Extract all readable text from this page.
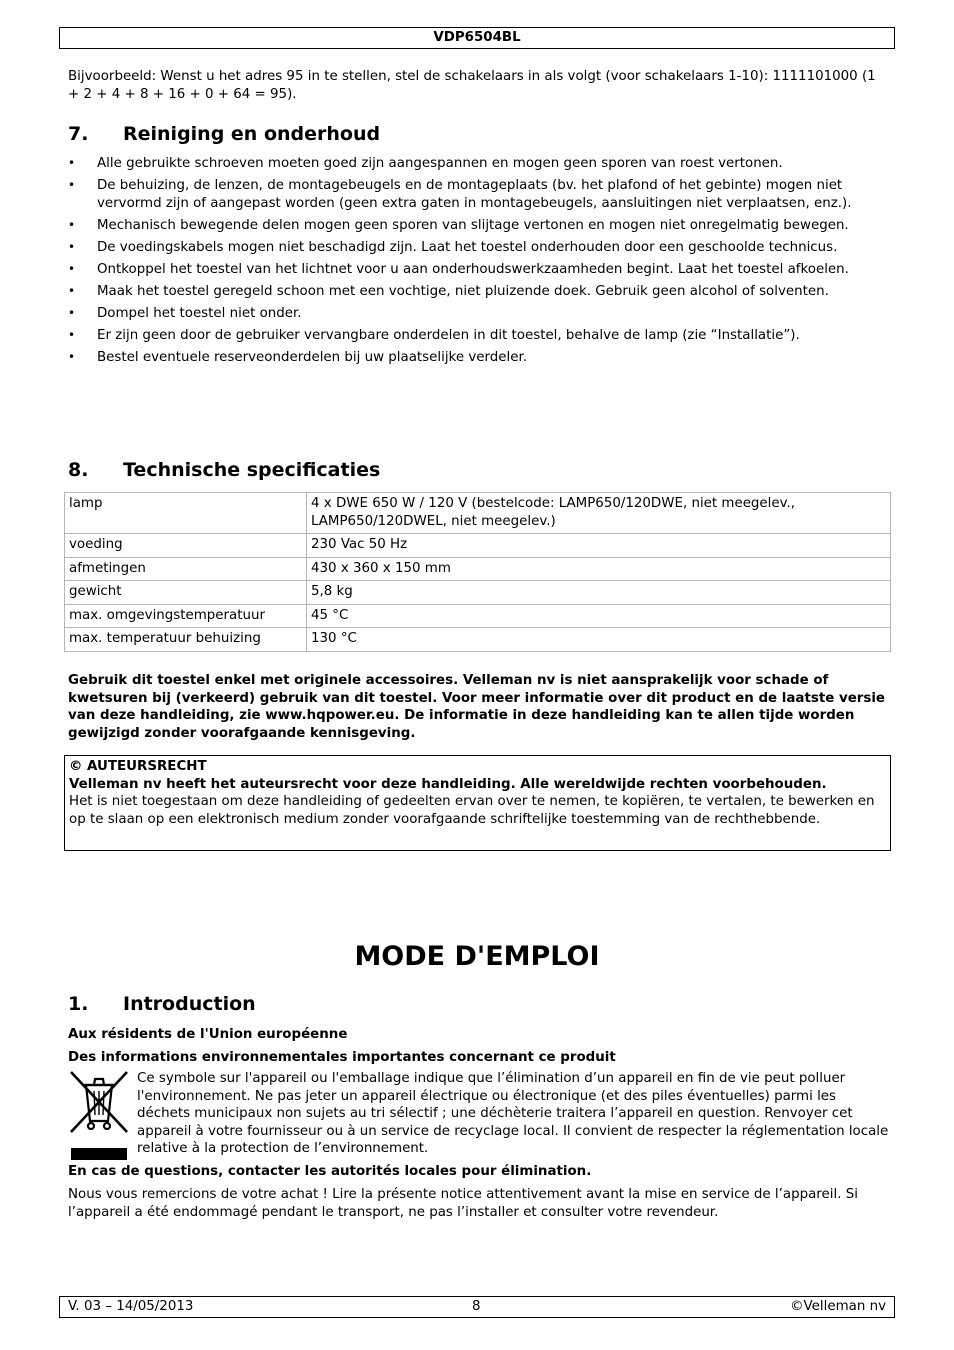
VDP6504BL

Bijvoorbeeld: Wenst u het adres 95 in te stellen, stel de schakelaars in als volgt (voor schakelaars 1-10): 1111101000 (1 + 2 + 4 + 8 + 16 + 0 + 64 = 95).

7. Reiniging en onderhoud
• Alle gebruikte schroeven moeten goed zijn aangespannen en mogen geen sporen van roest vertonen.
• De behuizing, de lenzen, de montagebeugels en de montageplaats (bv. het plafond of het gebinte) mogen niet vervormd zijn of aangepast worden (geen extra gaten in montagebeugels, aansluitingen niet verplaatsen, enz.).
• Mechanisch bewegende delen mogen geen sporen van slijtage vertonen en mogen niet onregelmatig bewegen.
• De voedingskabels mogen niet beschadigd zijn. Laat het toestel onderhouden door een geschoolde technicus.
• Ontkoppel het toestel van het lichtnet voor u aan onderhoudswerkzaamheden begint. Laat het toestel afkoelen.
• Maak het toestel geregeld schoon met een vochtige, niet pluizende doek. Gebruik geen alcohol of solventen.
• Dompel het toestel niet onder.
• Er zijn geen door de gebruiker vervangbare onderdelen in dit toestel, behalve de lamp (zie “Installatie”).
• Bestel eventuele reserveonderdelen bij uw plaatselijke verdeler.
8. Technische specificaties
lamp	4 x DWE 650 W / 120 V (bestelcode: LAMP650/120DWE, niet meegelev., LAMP650/120DWEL, niet meegelev.)
voeding	230 Vac 50 Hz
afmetingen	430 x 360 x 150 mm
gewicht	5,8 kg
max. omgevingstemperatuur	45 °C
max. temperatuur behuizing	130 °C

Gebruik dit toestel enkel met originele accessoires. Velleman nv is niet aansprakelijk voor schade of kwetsuren bij (verkeerd) gebruik van dit toestel. Voor meer informatie over dit product en de laatste versie van deze handleiding, zie www.hqpower.eu. De informatie in deze handleiding kan te allen tijde worden gewijzigd zonder voorafgaande kennisgeving.

© AUTEURSRECHT

Velleman nv heeft het auteursrecht voor deze handleiding. Alle wereldwijde rechten voorbehouden.

Het is niet toegestaan om deze handleiding of gedeelten ervan over te nemen, te kopiëren, te vertalen, te bewerken en op te slaan op een elektronisch medium zonder voorafgaande schriftelijke toestemming van de rechthebbende.

MODE D'EMPLOI
1. Introduction

Aux résidents de l'Union européenne

Des informations environnementales importantes concernant ce produit

Ce symbole sur l'appareil ou l'emballage indique que l’élimination d’un appareil en fin de vie peut polluer l'environnement. Ne pas jeter un appareil électrique ou électronique (et des piles éventuelles) parmi les déchets municipaux non sujets au tri sélectif ; une déchèterie traitera l’appareil en question. Renvoyer cet appareil à votre fournisseur ou à un service de recyclage local. Il convient de respecter la réglementation locale relative à la protection de l’environnement.

En cas de questions, contacter les autorités locales pour élimination.

Nous vous remercions de votre achat ! Lire la présente notice attentivement avant la mise en service de l’appareil. Si l’appareil a été endommagé pendant le transport, ne pas l’installer et consulter votre revendeur.

V. 03 – 14/05/2013	8	©Velleman nv
